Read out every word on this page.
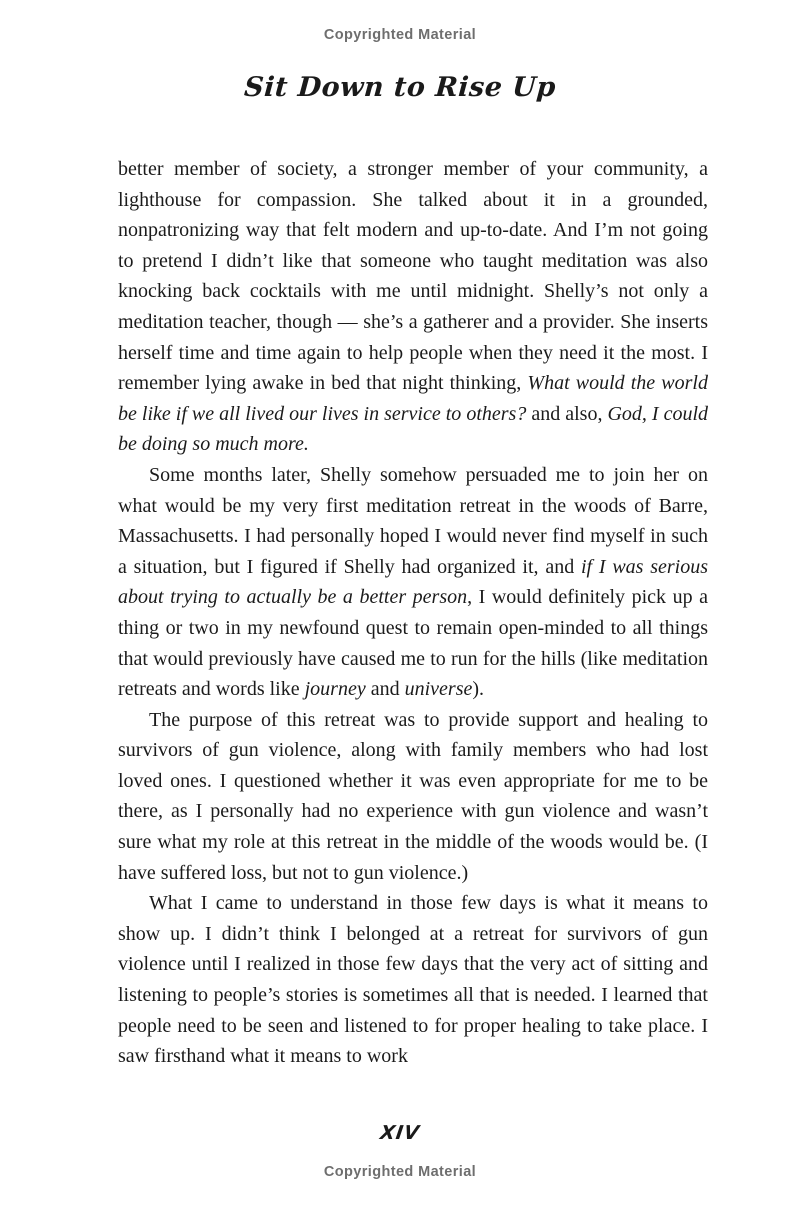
Copyrighted Material
Sit Down to Rise Up

better member of society, a stronger member of your community, a lighthouse for compassion. She talked about it in a grounded, nonpatronizing way that felt modern and up-to-date. And I’m not going to pretend I didn’t like that someone who taught meditation was also knocking back cocktails with me until midnight. Shelly’s not only a meditation teacher, though — she’s a gatherer and a provider. She inserts herself time and time again to help people when they need it the most. I remember lying awake in bed that night thinking, What would the world be like if we all lived our lives in service to others? and also, God, I could be doing so much more.

Some months later, Shelly somehow persuaded me to join her on what would be my very first meditation retreat in the woods of Barre, Massachusetts. I had personally hoped I would never find myself in such a situation, but I figured if Shelly had organized it, and if I was serious about trying to actually be a better person, I would definitely pick up a thing or two in my newfound quest to remain open-minded to all things that would previously have caused me to run for the hills (like meditation retreats and words like journey and universe).

The purpose of this retreat was to provide support and healing to survivors of gun violence, along with family members who had lost loved ones. I questioned whether it was even appropriate for me to be there, as I personally had no experience with gun violence and wasn’t sure what my role at this retreat in the middle of the woods would be. (I have suffered loss, but not to gun violence.)

What I came to understand in those few days is what it means to show up. I didn’t think I belonged at a retreat for survivors of gun violence until I realized in those few days that the very act of sitting and listening to people’s stories is sometimes all that is needed. I learned that people need to be seen and listened to for proper healing to take place. I saw firsthand what it means to work

XIV
Copyrighted Material
